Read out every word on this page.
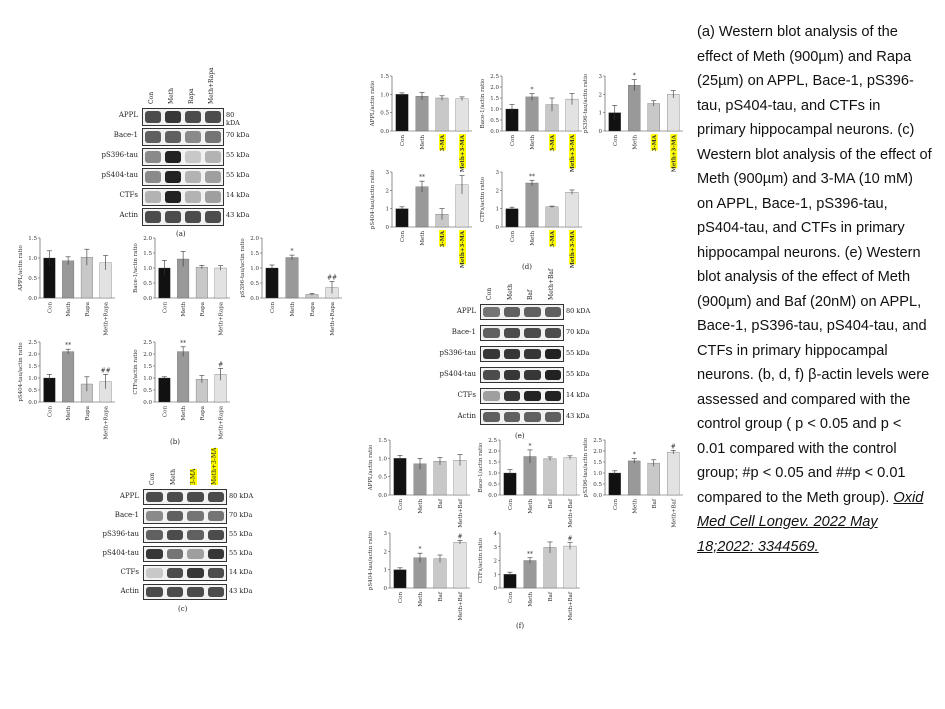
Con Meth Rapa Meth+Rapa
APPL	80 kDA
Bace-1	70 kDa
pS396-tau	55 kDa
pS404-tau	55 kDa
CTFs	14 kDa
Actin	43 kDa
(a)
Con Meth 3-MA Meth+3-MA
APPL	80 kDA
Bace-1	70 kDa
pS396-tau	55 kDa
pS404-tau	55 kDa
CTFs	14 kDa
Actin	43 kDa
(c)
Con Meth Baf Meth+Baf
APPL	80 kDA
Bace-1	70 kDa
pS396-tau	55 kDa
pS404-tau	55 kDa
CTFs	14 kDa
Actin	43 kDa
(e)
0.0
0.5
1.0
1.5
APPL/actin ratio
Con Meth Rapa Meth+Rapa
0.0
0.5
1.0
1.5
2.0
Bace-1/actin ratio
Con Meth Rapa Meth+Rapa
0.0
0.5
1.0
1.5
2.0
pS396-tau/actin ratio
Con
*
Meth	Rapa
##
Meth+Rapa
0.0
0.5
1.0
1.5
2.0
2.5
pS404-tau/actin ratio
Con
**
Meth Rapa
##
Meth+Rapa
0.0
0.5
1.0
1.5
2.0
2.5
CTFs/actin ratio
Con
**
Meth Rapa
#
Meth+Rapa
0.0
0.5
1.0
1.5
APPL/actin ratio
Con	Meth	3-MA	Meth+3-MA
0.0
0.5
1.0
1.5
2.0
2.5
Bace-1/actin ratio
Con
*
Meth	3-MA	Meth+3-MA
0
1
2
3
pS396-tau/actin ratio
Con
*
Meth 3-MA Meth+3-MA
0
1
2
3
pS404-tau/actin ratio
Con
**
Meth	3-MA	Meth+3-MA
0
1
2
3
CTFs/actin ratio
Con
**
Meth	3-MA	Meth+3-MA
0.0
0.5
1.0
1.5
APPL/actin ratio
Con	Meth	Baf	Meth+Baf
0.0
0.5
1.0
1.5
2.0
2.5
Bace-1/actin ratio
Con
*
Meth	Baf	Meth+Baf
0.0
0.5
1.0
1.5
2.0
2.5
pS396-tau/actin ratio
Con
*
Meth Baf
#
Meth+Baf
0
1
2
3
pS404-tau/actin ratio
Con
*
Meth	Baf
#
Meth+Baf
0
1
2
3
4
CTFs/actin ratio
Con
**
Meth	Baf
#
Meth+Baf
(b)
(d)
(f)
(a) Western blot analysis of the effect of Meth (900µm) and Rapa (25µm) on APPL, Bace-1, pS396-tau, pS404-tau, and CTFs in primary hippocampal neurons. (c) Western blot analysis of the effect of Meth (900µm) and 3-MA (10 mM) on APPL, Bace-1, pS396-tau, pS404-tau, and CTFs in primary hippocampal neurons. (e) Western blot analysis of the effect of Meth (900µm) and Baf (20nM) on APPL, Bace-1, pS396-tau, pS404-tau, and CTFs in primary hippocampal neurons. (b, d, f) β-actin levels were assessed and compared with the control group ( p < 0.05 and p < 0.01 compared with the control group; #p < 0.05 and ##p < 0.01 compared to the Meth group). Oxid Med Cell Longev. 2022 May 18;2022: 3344569.
